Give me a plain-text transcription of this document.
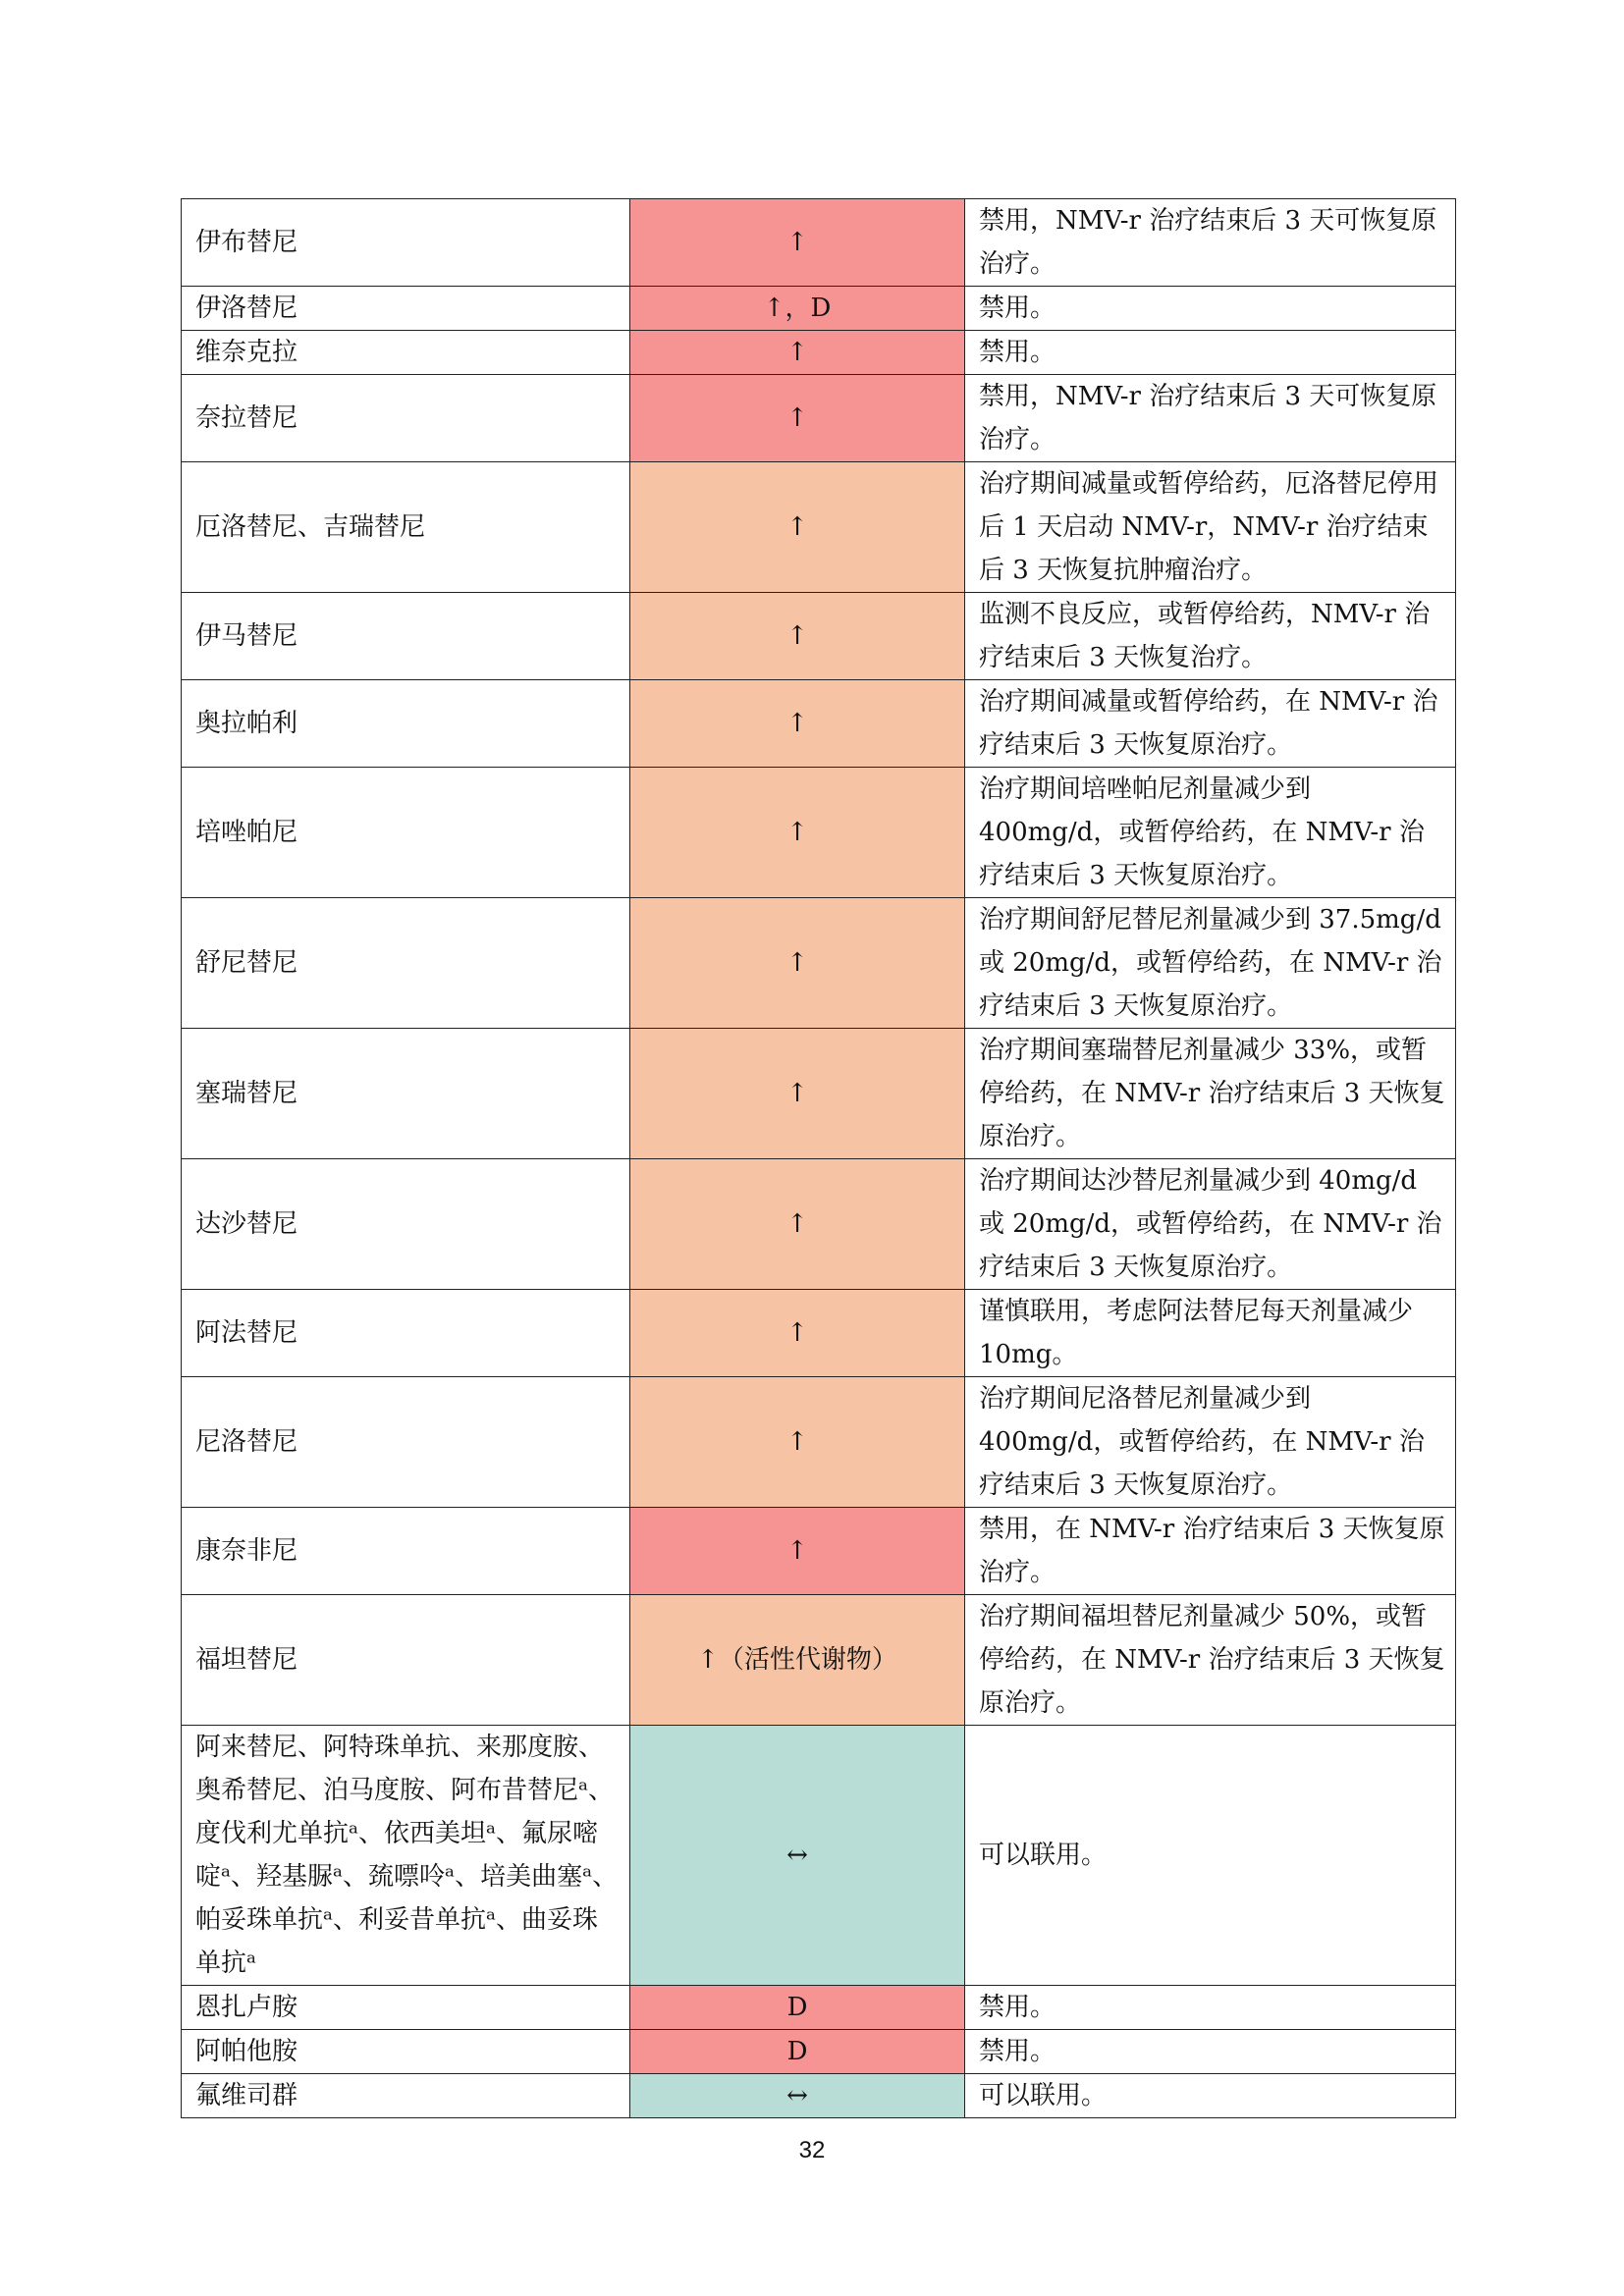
伊布替尼	↑	禁用，NMV-r 治疗结束后 3 天可恢复原治疗。
伊洛替尼	↑，D	禁用。
维奈克拉	↑	禁用。
奈拉替尼	↑	禁用，NMV-r 治疗结束后 3 天可恢复原治疗。
厄洛替尼、吉瑞替尼	↑	治疗期间减量或暂停给药，厄洛替尼停用后 1 天启动 NMV-r，NMV-r 治疗结束后 3 天恢复抗肿瘤治疗。
伊马替尼	↑	监测不良反应，或暂停给药，NMV-r 治疗结束后 3 天恢复治疗。
奥拉帕利	↑	治疗期间减量或暂停给药，在 NMV-r 治疗结束后 3 天恢复原治疗。
培唑帕尼	↑	治疗期间培唑帕尼剂量减少到 400mg/d，或暂停给药，在 NMV-r 治疗结束后 3 天恢复原治疗。
舒尼替尼	↑	治疗期间舒尼替尼剂量减少到 37.5mg/d 或 20mg/d，或暂停给药，在 NMV-r 治疗结束后 3 天恢复原治疗。
塞瑞替尼	↑	治疗期间塞瑞替尼剂量减少 33%，或暂停给药，在 NMV-r 治疗结束后 3 天恢复原治疗。
达沙替尼	↑	治疗期间达沙替尼剂量减少到 40mg/d 或 20mg/d，或暂停给药，在 NMV-r 治疗结束后 3 天恢复原治疗。
阿法替尼	↑	谨慎联用，考虑阿法替尼每天剂量减少 10mg。
尼洛替尼	↑	治疗期间尼洛替尼剂量减少到 400mg/d，或暂停给药，在 NMV-r 治疗结束后 3 天恢复原治疗。
康奈非尼	↑	禁用，在 NMV-r 治疗结束后 3 天恢复原治疗。
福坦替尼	↑（活性代谢物）	治疗期间福坦替尼剂量减少 50%，或暂停给药，在 NMV-r 治疗结束后 3 天恢复原治疗。
阿来替尼、阿特珠单抗、来那度胺、奥希替尼、泊马度胺、阿布昔替尼ᵃ、度伐利尤单抗ᵃ、依西美坦ᵃ、氟尿嘧啶ᵃ、羟基脲ᵃ、巯嘌呤ᵃ、培美曲塞ᵃ、帕妥珠单抗ᵃ、利妥昔单抗ᵃ、曲妥珠单抗ᵃ	↔	可以联用。
恩扎卢胺	D	禁用。
阿帕他胺	D	禁用。
氟维司群	↔	可以联用。
32
